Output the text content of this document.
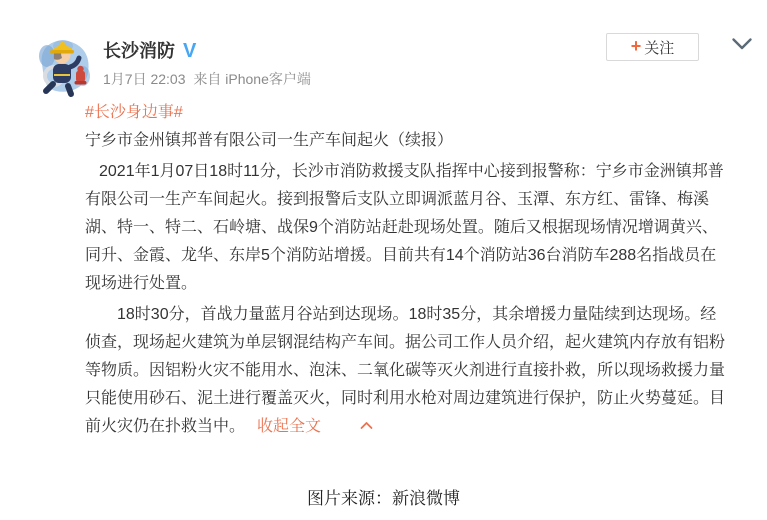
长沙消防 V
1月7日 22:03 来自 iPhone客户端
+ 关注
#长沙身边事#
宁乡市金州镇邦普有限公司一生产车间起火（续报）

2021年1月07日18时11分，长沙市消防救援支队指挥中心接到报警称：宁乡市金洲镇邦普有限公司一生产车间起火。接到报警后支队立即调派蓝月谷、玉潭、东方红、雷锋、梅溪湖、特一、特二、石岭塘、战保9个消防站赶赴现场处置。随后又根据现场情况增调黄兴、同升、金霞、龙华、东岸5个消防站增援。目前共有14个消防站36台消防车288名指战员在现场进行处置。

18时30分，首战力量蓝月谷站到达现场。18时35分，其余增援力量陆续到达现场。经侦查，现场起火建筑为单层钢混结构产车间。据公司工作人员介绍，起火建筑内存放有铝粉等物质。因铝粉火灾不能用水、泡沫、二氧化碳等灭火剂进行直接扑救，所以现场救援力量只能使用砂石、泥土进行覆盖灭火，同时利用水枪对周边建筑进行保护，防止火势蔓延。目前火灾仍在扑救当中。 收起全文

图片来源：新浪微博
